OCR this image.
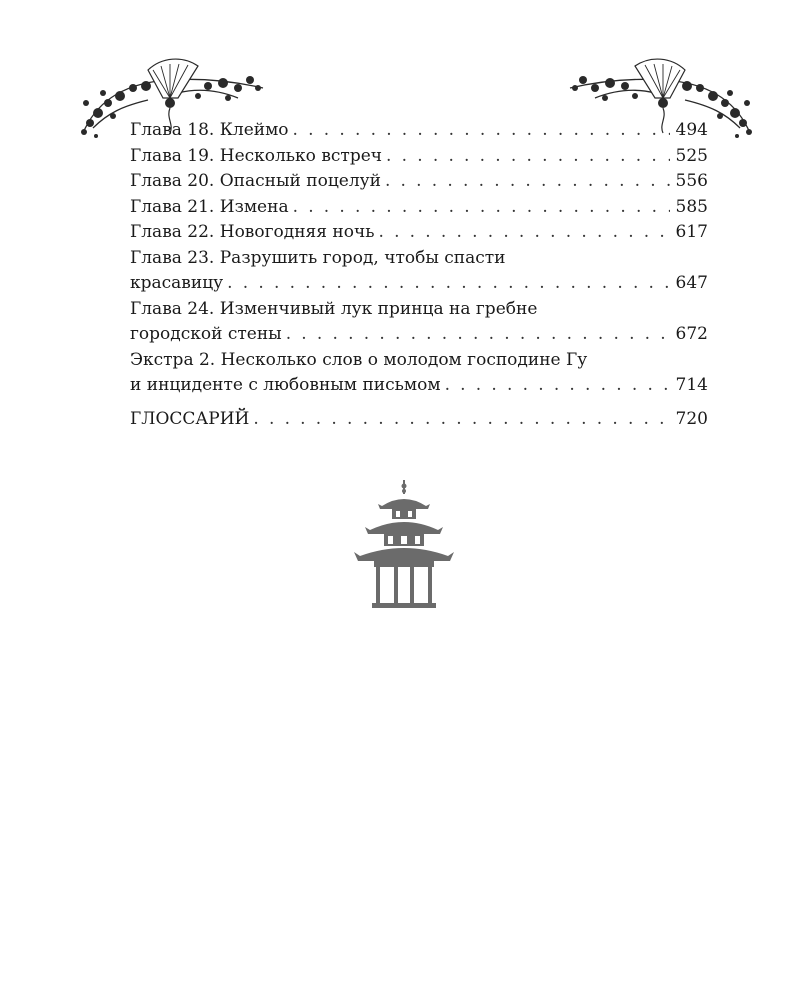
Глава 18. Клеймо . . .	494

Глава 19. Несколько встреч . . .	525

Глава 20. Опасный поцелуй . . .	556

Глава 21. Измена . . .	585

Глава 22. Новогодняя ночь . . .	617

Глава 23. Разрушить город, чтобы спасти
красавицу . . .	647

Глава 24. Изменчивый лук принца на гребне
городской стены . . .	672

Экстра 2. Несколько слов о молодом господине Гу
и инциденте с любовным письмом . . .	714

ГЛОССАРИЙ . . .	720
